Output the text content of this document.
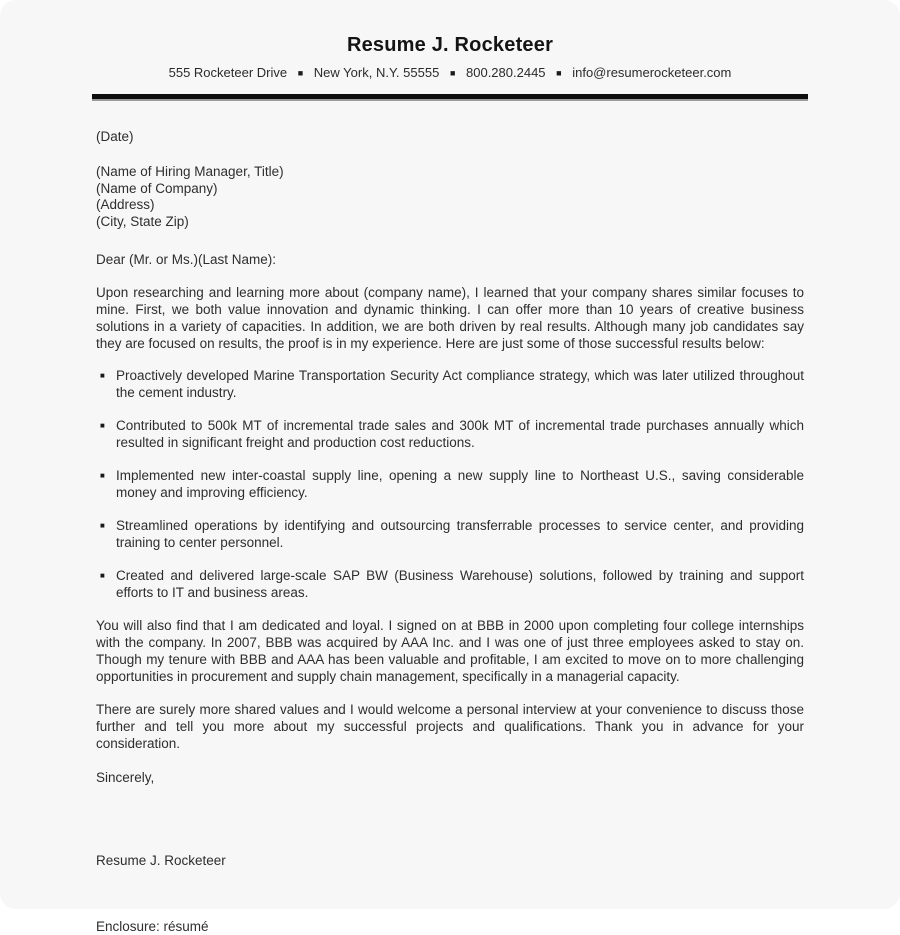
Resume J. Rocketeer
555 Rocketeer Drive ■ New York, N.Y. 55555 ■ 800.280.2445 ■ info@resumerocketeer.com

(Date)

(Name of Hiring Manager, Title)
(Name of Company)
(Address)
(City, State Zip)

Dear (Mr. or Ms.)(Last Name):

Upon researching and learning more about (company name), I learned that your company shares similar focuses to mine. First, we both value innovation and dynamic thinking. I can offer more than 10 years of creative business solutions in a variety of capacities. In addition, we are both driven by real results. Although many job candidates say they are focused on results, the proof is in my experience. Here are just some of those successful results below:

■ Proactively developed Marine Transportation Security Act compliance strategy, which was later utilized throughout the cement industry.
■ Contributed to 500k MT of incremental trade sales and 300k MT of incremental trade purchases annually which resulted in significant freight and production cost reductions.
■ Implemented new inter-coastal supply line, opening a new supply line to Northeast U.S., saving considerable money and improving efficiency.
■ Streamlined operations by identifying and outsourcing transferrable processes to service center, and providing training to center personnel.
■ Created and delivered large-scale SAP BW (Business Warehouse) solutions, followed by training and support efforts to IT and business areas.

You will also find that I am dedicated and loyal. I signed on at BBB in 2000 upon completing four college internships with the company. In 2007, BBB was acquired by AAA Inc. and I was one of just three employees asked to stay on. Though my tenure with BBB and AAA has been valuable and profitable, I am excited to move on to more challenging opportunities in procurement and supply chain management, specifically in a managerial capacity.

There are surely more shared values and I would welcome a personal interview at your convenience to discuss those further and tell you more about my successful projects and qualifications. Thank you in advance for your consideration.

Sincerely,

Resume J. Rocketeer

Enclosure: résumé
